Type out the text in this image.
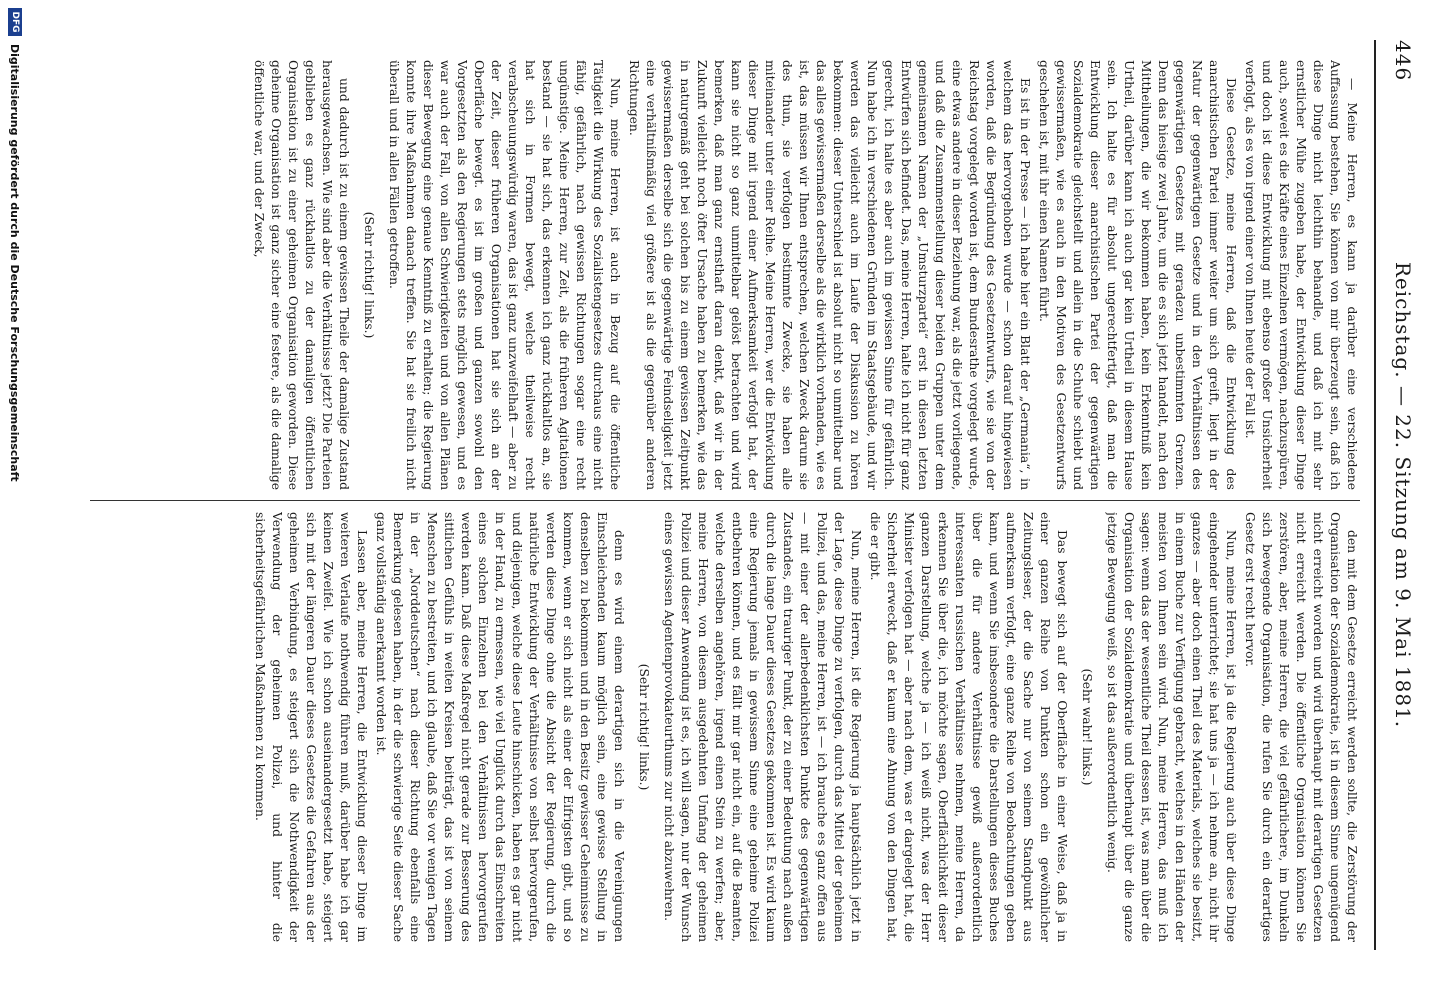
446
Reichstag. — 22. Sitzung am 9. Mai 1881.

— Meine Herren, es kann ja darüber eine verschiedene Auffassung bestehen, Sie können von mir überzeugt sein, daß ich diese Dinge nicht leichthin behandle, und daß ich mit sehr ernstlicher Mühe zugeben habe, der Entwicklung dieser Dinge auch, soweit es die Kräfte eines Einzelnen vermögen, nachzuspüren, und doch ist diese Entwicklung mit ebenso großer Unsicherheit verfolgt, als es von irgend einer von Ihnen heute der Fall ist.

Diese Gesetze, meine Herren, daß die Entwicklung des anarchistischen Partei immer weiter um sich greift, liegt in der Natur der gegenwärtigen Gesetze und in den Verhältnissen des gegenwärtigen Gesetzes mit geradezu unbestimmten Grenzen. Denn das hiesige zwei Jahre, um die es sich jetzt handelt, nach den Mittheilungen, die wir bekommen haben, kein Erkenntniß kein Urtheil, darüber kann ich auch gar kein Urtheil in diesem Hause sein. Ich halte es für absolut ungerechtfertigt, daß man die Entwicklung dieser anarchistischen Partei der gegenwärtigen Sozialdemokratie gleichstellt und allein in die Schuhe schiebt und gewissermaßen, wie es auch in den Motiven des Gesetzentwurfs geschehen ist, mit ihr einen Namen führt.

Es ist in der Presse — ich habe hier ein Blatt der „Germania“, in welchem das hervorgehoben wurde — schon darauf hingewiesen worden, daß die Begründung des Gesetzentwurfs, wie sie von der Reichstag vorgelegt worden ist, dem Bundesrathe vorgelegt wurde, eine etwas andere in dieser Beziehung war, als die jetzt vorliegende, und daß die Zusammenstellung dieser beiden Gruppen unter dem gemeinsamen Namen der „Umsturzpartei“ erst in diesen letzten Entwürfen sich befindet. Das, meine Herren, halte ich nicht für ganz gerecht, ich halte es aber auch im gewissen Sinne für gefährlich. Nun habe ich in verschiedenen Gründen im Staatsgebäude, und wir werden das vielleicht auch im Laufe der Diskussion zu hören bekommen: dieser Unterschied ist absolut nicht so unmittelbar und das alles gewissermaßen derselbe als die wirklich vorhanden, wie es ist, das müssen wir Ihnen entsprechen, welchen Zweck darum sie des thun, sie verfolgen bestimmte Zwecke, sie haben alle miteinander unter einer Reihe. Meine Herren, wer die Entwicklung dieser Dinge mit irgend einer Aufmerksamkeit verfolgt hat, der kann sie nicht so ganz unmittelbar gelöst betrachten und wird bemerken, daß man ganz ernsthaft daran denkt, daß wir in der Zukunft vielleicht noch öfter Ursache haben zu bemerken, wie das in naturgemäß geht bei solchen bis zu einem gewissen Zeitpunkt gewissermaßen derselbe sich die gegenwärtige Feindseligkeit jetzt eine verhältnißmäßig viel größere ist als die gegenüber anderen Richtungen.

Nun, meine Herren, ist auch in Bezug auf die öffentliche Tätigkeit die Wirkung des Sozialistengesetzes durchaus eine nicht fähig, gefährlich, nach gewissen Richtungen sogar eine recht ungünstige. Meine Herren, zur Zeit, als die früheren Agitationen bestand — sie hat sich, das erkennen ich ganz rückhaltlos an, sie hat sich in Formen bewegt, welche theilweise recht verabscheuungswürdig waren, das ist ganz unzweifelhaft — aber zu der Zeit, dieser früheren Organisationen hat sie sich an der Oberfläche bewegt. es ist im großen und ganzen sowohl den Vorgesetzten als den Regierungen stets möglich gewesen, und es war auch der Fall, von allen Schwierigkeiten und von allen Plänen dieser Bewegung eine genaue Kenntniß zu erhalten; die Regierung konnte ihre Maßnahmen danach treffen. Sie hat sie freilich nicht überall und in allen Fällen getroffen.

(Sehr richtig! links.)

und dadurch ist zu einem gewissen Theile der damalige Zustand herausgewachsen. Wie sind aber die Verhältnisse jetzt? Die Parteien geblieben es ganz rückhaltlos zu der damaligen öffentlichen Organisation ist zu einer geheimen Organisation geworden. Diese geheime Organisation ist ganz sicher eine festere, als die damalige öffentliche war, und der Zweck,

den mit dem Gesetze erreicht werden sollte, die Zerstörung der Organisation der Sozialdemokratie, ist in diesem Sinne ungenügend nicht erreicht worden und wird überhaupt mit derartigen Gesetzen nicht erreicht werden. Die öffentliche Organisation können Sie zerstören, aber, meine Herren, die viel gefährlichere, im Dunkeln sich bewegende Organisation, die rufen Sie durch ein derartiges Gesetz erst recht hervor.

Nun, meine Herren, ist ja die Regierung auch über diese Dinge eingehender unterrichtet; sie hat uns ja — ich nehme an, nicht ihr ganzes — aber doch einen Theil des Materials, welches sie besitzt, in einem Buche zur Verfügung gebracht, welches in den Händen der meisten von Ihnen sein wird. Nun, meine Herren, das muß ich sagen: wenn das der wesentliche Theil dessen ist, was man über die Organisation der Sozialdemokratie und überhaupt über die ganze jetzige Bewegung weiß, so ist das außerordentlich wenig.

(Sehr wahr! links.)

Das bewegt sich auf der Oberfläche in einer Weise, daß ja in einer ganzen Reihe von Punkten schon ein gewöhnlicher Zeitungsleser, der die Sache nur von seinem Standpunkt aus aufmerksam verfolgt, eine ganze Reihe von Beobachtungen geben kann, und wenn Sie insbesondere die Darstellungen dieses Buches über die für andere Verhältnisse gewiß außerordentlich interessanten russischen Verhältnisse nehmen, meine Herren, da erkennen Sie über die, ich möchte sagen, Oberflächlichkeit dieser ganzen Darstellung, welche ja — ich weiß nicht, was der Herr Minister verfolgen hat — aber nach dem, was er dargelegt hat, die Sicherheit erweckt, daß er kaum eine Ahnung von den Dingen hat, die er gibt.

Nun, meine Herren, ist die Regierung ja hauptsächlich jetzt in der Lage, diese Dinge zu verfolgen, durch das Mittel der geheimen Polizei, und das, meine Herren, ist — ich brauche es ganz offen aus — mit einer der allerbedenklichsten Punkte des gegenwärtigen Zustandes, ein trauriger Punkt, der zu einer Bedeutung nach außen durch die lange Dauer dieses Gesetzes gekommen ist. Es wird kaum eine Regierung jemals in gewissem Sinne eine geheime Polizei entbehren können, und es fällt mir gar nicht ein, auf die Beamten, welche derselben angehören, irgend einen Stein zu werfen; aber, meine Herren, von diesem ausgedehnten Umfang der geheimen Polizei und dieser Anwendung ist es, ich will sagen, nur der Wunsch eines gewissen Agentenprovokateurthums zur nicht abzuwehren.

(Sehr richtig! links.)

denn es wird einem derartigen sich in die Vereinigungen Einschleichenden kaum möglich sein, eine gewisse Stellung in denselben zu bekommen und in den Besitz gewisser Geheimnisse zu kommen, wenn er sich nicht als einer der Eifrigsten gibt, und so werden diese Dinge ohne die Absicht der Regierung, durch die natürliche Entwicklung der Verhältnisse von selbst hervorgerufen, und diejenigen, welche diese Leute hinschicken, haben es gar nicht in der Hand, zu ermessen, wie viel Unglück durch das Einschreiten eines solchen Einzelnen bei den Verhältnissen hervorgerufen werden kann. Daß diese Maßregel nicht gerade zur Besserung des sittlichen Gefühls in weiten Kreisen beiträgt, das ist von seinem Menschen zu bestreiten, und ich glaube, daß Sie vor wenigen Tagen in der „Norddeutschen“ nach dieser Richtung ebenfalls eine Bemerkung gelesen haben, in der die schwierige Seite dieser Sache ganz vollständig anerkannt worden ist.

Lassen aber, meine Herren, die Entwicklung dieser Dinge im weiteren Verlaufe nothwendig führen muß, darüber habe ich gar keinen Zweifel. Wie ich schon auseinandergesetzt habe, steigert sich mit der längeren Dauer dieses Gesetzes die Gefahren aus der geheimen Verbindung, es steigert sich die Nothwendigkeit der Verwendung der geheimen Polizei, und hinter die sicherheitsgefährlichen Maßnahmen zu kommen.

DFG
Digitalisierung gefördert durch die Deutsche Forschungsgemeinschaft
